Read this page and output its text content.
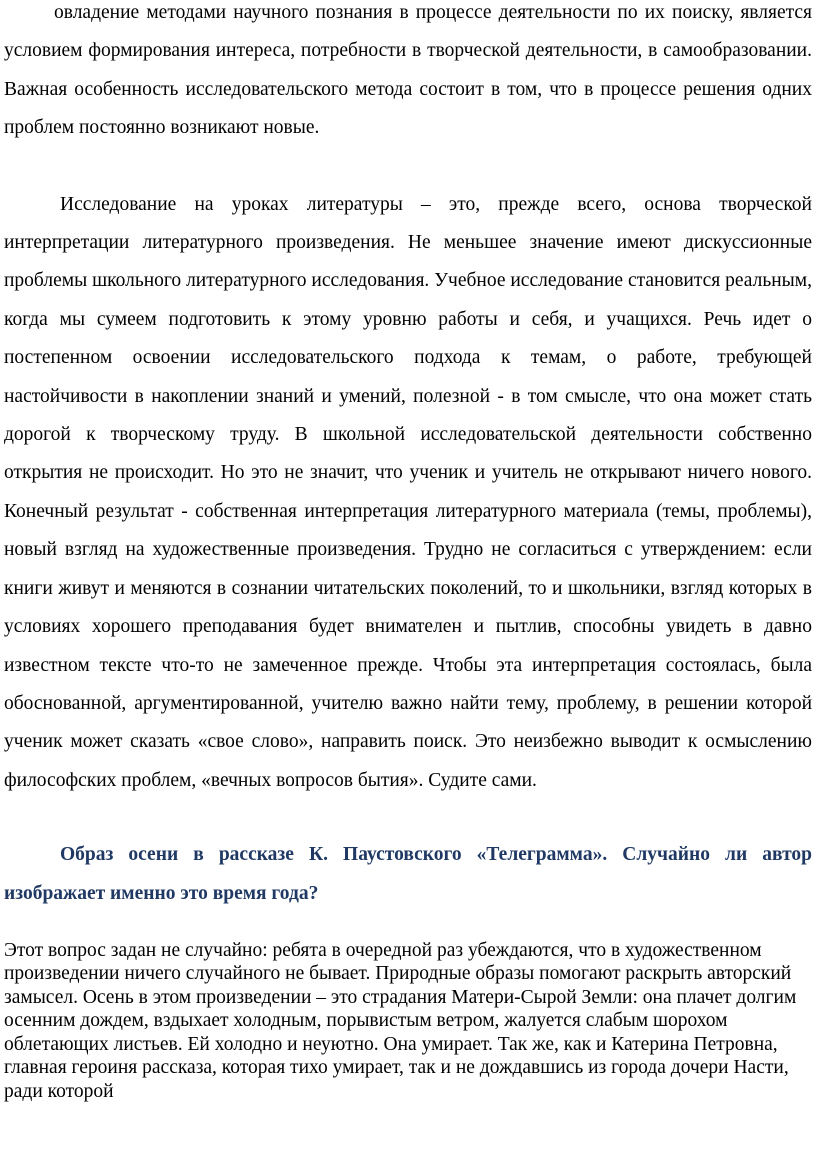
овладение методами научного познания в процессе деятельности по их поиску, является условием формирования интереса, потребности в творческой деятельности, в самообразовании. Важная особенность исследовательского метода состоит в том, что в процессе решения одних проблем постоянно возникают новые.

Исследование на уроках литературы – это, прежде всего, основа творческой интерпретации литературного произведения. Не меньшее значение имеют дискуссионные проблемы школьного литературного исследования. Учебное исследование становится реальным, когда мы сумеем подготовить к этому уровню работы и себя, и учащихся. Речь идет о постепенном освоении исследовательского подхода к темам, о работе, требующей настойчивости в накоплении знаний и умений, полезной - в том смысле, что она может стать дорогой к творческому труду. В школьной исследовательской деятельности собственно открытия не происходит. Но это не значит, что ученик и учитель не открывают ничего нового. Конечный результат - собственная интерпретация литературного материала (темы, проблемы), новый взгляд на художественные произведения. Трудно не согласиться с утверждением: если книги живут и меняются в сознании читательских поколений, то и школьники, взгляд которых в условиях хорошего преподавания будет внимателен и пытлив, способны увидеть в давно известном тексте что-то не замеченное прежде. Чтобы эта интерпретация состоялась, была обоснованной, аргументированной, учителю важно найти тему, проблему, в решении которой ученик может сказать «свое слово», направить поиск. Это неизбежно выводит к осмыслению философских проблем, «вечных вопросов бытия». Судите сами.

Образ осени в рассказе К. Паустовского «Телеграмма». Случайно ли автор изображает именно это время года?

Этот вопрос задан не случайно: ребята в очередной раз убеждаются, что в художественном произведении ничего случайного не бывает. Природные образы помогают раскрыть авторский замысел. Осень в этом произведении – это страдания Матери-Сырой Земли: она плачет долгим осенним дождем, вздыхает холодным, порывистым ветром, жалуется слабым шорохом облетающих листьев. Ей холодно и неуютно. Она умирает. Так же, как и Катерина Петровна, главная героиня рассказа, которая тихо умирает, так и не дождавшись из города дочери Насти, ради которой
